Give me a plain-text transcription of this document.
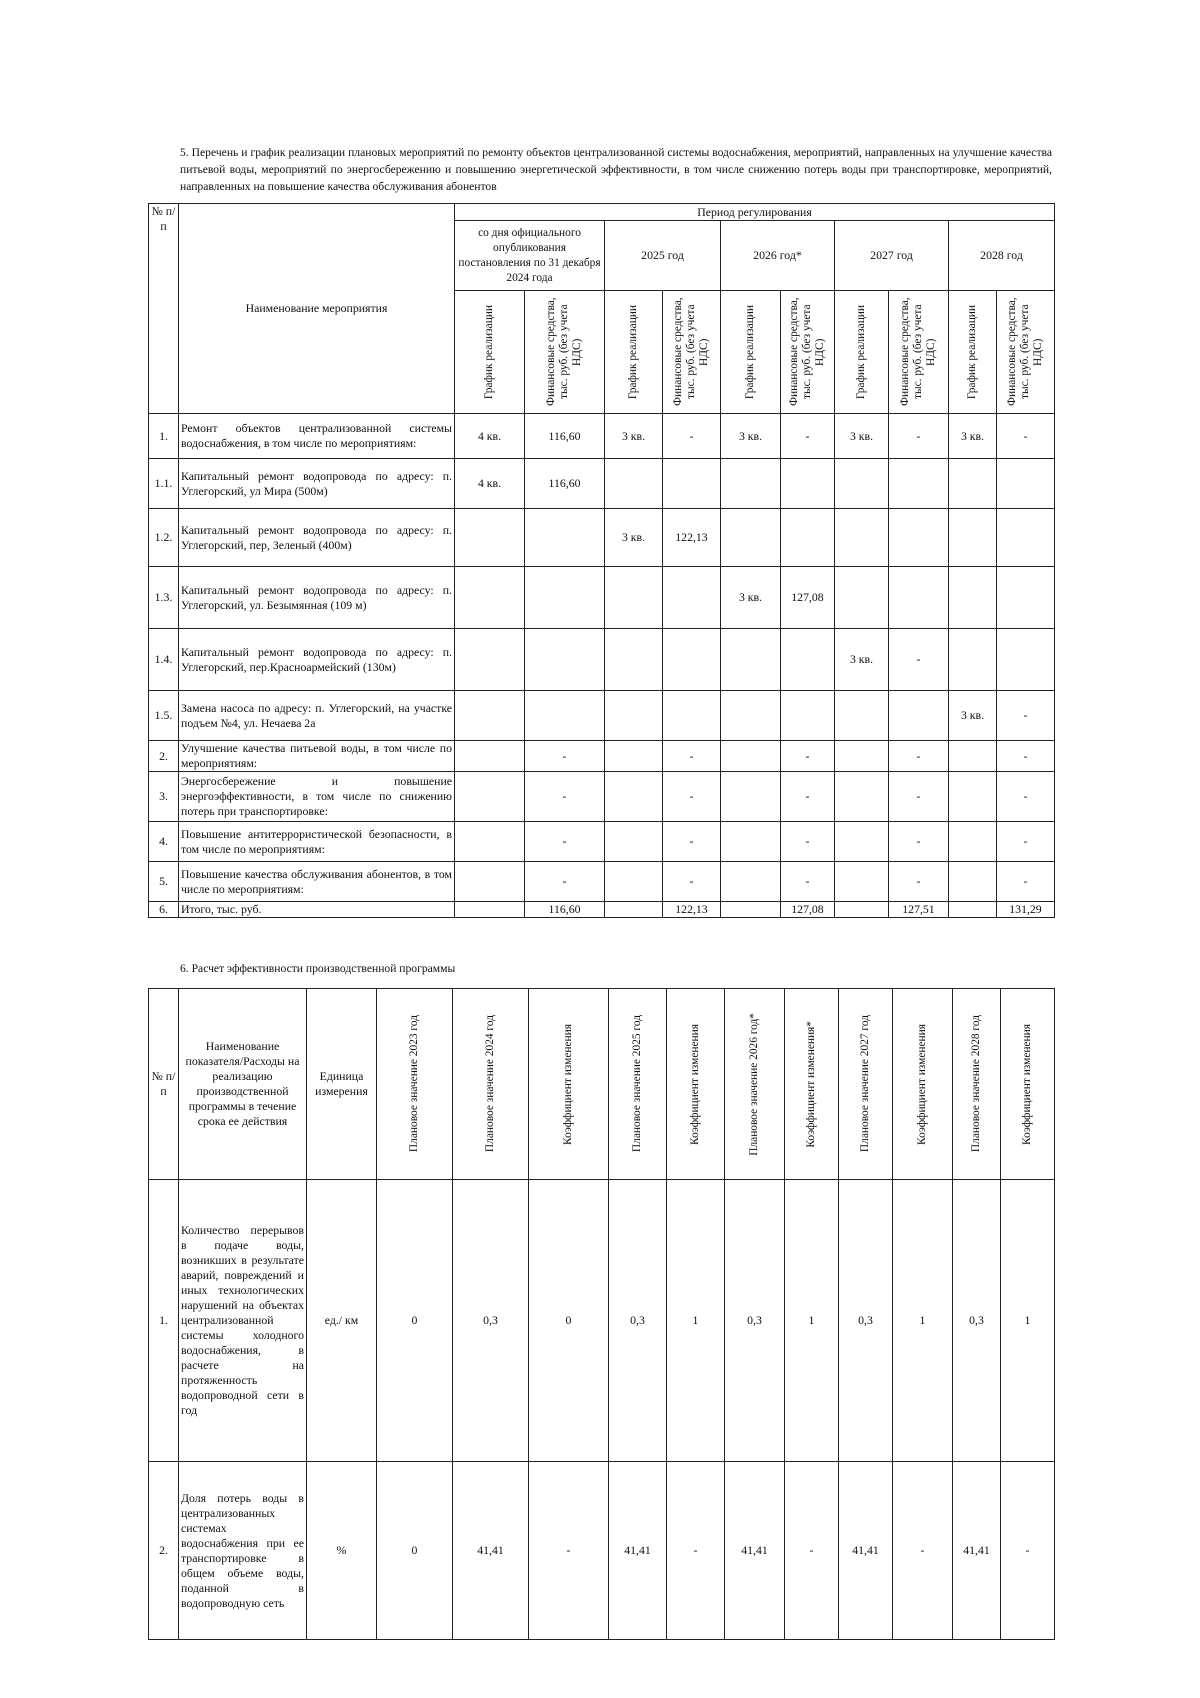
5. Перечень и график реализации плановых мероприятий по ремонту объектов централизованной системы водоснабжения, мероприятий, направленных на улучшение качества питьевой воды, мероприятий по энергосбережению и повышению энергетической эффективности, в том числе снижению потерь воды при транспортировке, мероприятий, направленных на повышение качества обслуживания абонентов
№ п/п	Наименование мероприятия	Период регулирования									
		со дня официального опубликования постановления по 31 декабря 2024 года		2025 год		2026 год*		2027 год		2028 год	

		График реализации	Финансовые средства, тыс. руб. (без учета НДС)	График реализации	Финансовые средства, тыс. руб. (без учета НДС)	График реализации	Финансовые средства, тыс. руб. (без учета НДС)	График реализации	Финансовые средства, тыс. руб. (без учета НДС)	График реализации	Финансовые средства, тыс. руб. (без учета НДС)

1.	Ремонт объектов централизованной системы водоснабжения, в том числе по мероприятиям:	4 кв.	116,60	3 кв.	-	3 кв.	-	3 кв.	-	3 кв.	-
1.1.	Капитальный ремонт водопровода по адресу: п. Углегорский, ул Мира (500м)	4 кв.	116,60								
1.2.	Капитальный ремонт водопровода по адресу: п. Углегорский, пер, Зеленый (400м)			3 кв.	122,13						
1.3.	Капитальный ремонт водопровода по адресу: п. Углегорский, ул. Безымянная (109 м)					3 кв.	127,08				
1.4.	Капитальный ремонт водопровода по адресу: п. Углегорский, пер.Красноармейский (130м)							3 кв.	-		
1.5.	Замена насоса по адресу: п. Углегорский, на участке подъем №4, ул. Нечаева 2а									3 кв.	-
2.	Улучшение качества питьевой воды, в том числе по мероприятиям:		-		-		-		-		-
3.	Энергосбережение и повышение энергоэффективности, в том числе по снижению потерь при транспортировке:		-		-		-		-		-
4.	Повышение антитеррористической безопасности, в том числе по мероприятиям:		-		-		-		-		-
5.	Повышение качества обслуживания абонентов, в том числе по мероприятиям:		-		-		-		-		-
6.	Итого, тыс. руб.		116,60		122,13		127,08		127,51		131,29
6. Расчет эффективности производственной программы
№ п/п	Наименование показателя/Расходы на реализацию производственной программы в течение срока ее действия	Единица измерения	Плановое значение 2023 год	Плановое значение 2024 год	Коэффициент изменения	Плановое значение 2025 год	Коэффициент изменения	Плановое значение 2026 год*	Коэффициент изменения*	Плановое значение 2027 год	Коэффициент изменения	Плановое значение 2028 год	Коэффициент изменения

1.	Количество перерывов в подаче воды, возникших в результате аварий, повреждений и иных технологических нарушений на объектах централизованной системы холодного водоснабжения, в расчете на протяженность водопроводной сети в год	ед./ км	0	0,3	0	0,3	1	0,3	1	0,3	1	0,3	1
2.	Доля потерь воды в централизованных системах водоснабжения при ее транспортировке в общем объеме воды, поданной в водопроводную сеть	%	0	41,41	-	41,41	-	41,41	-	41,41	-	41,41	-
